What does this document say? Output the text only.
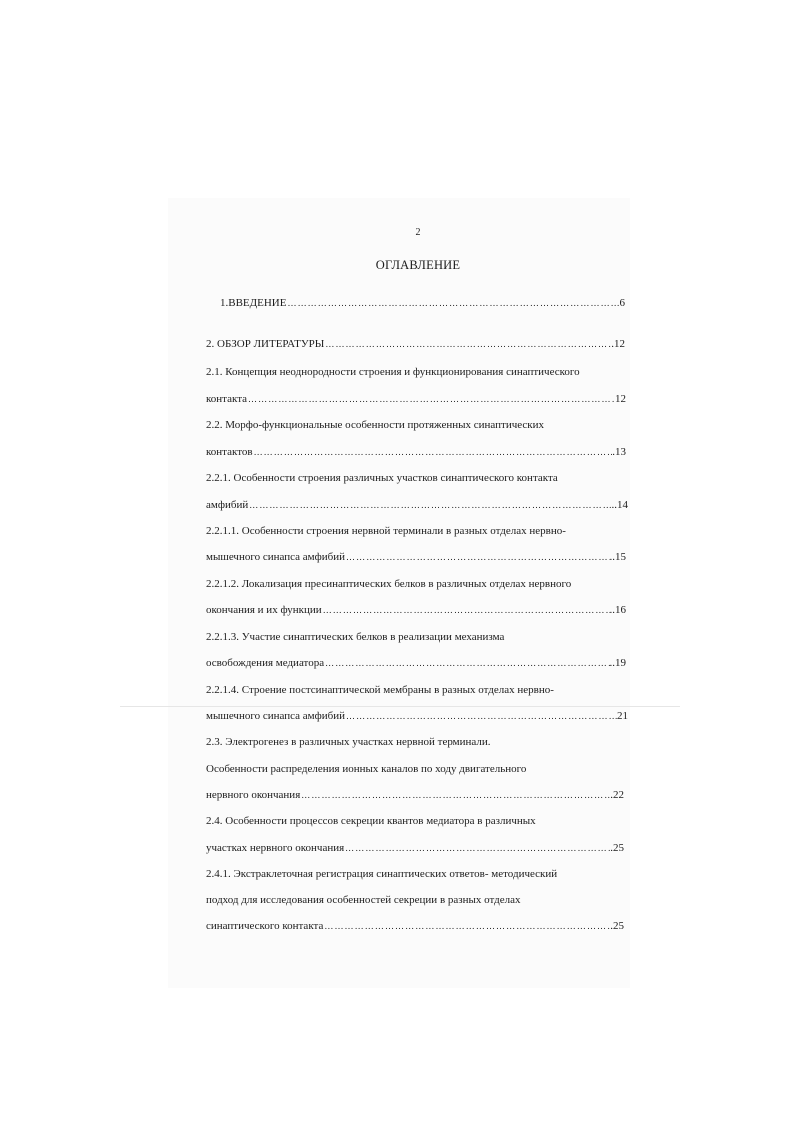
2
ОГЛАВЛЕНИЕ
1.ВВЕДЕНИЕ …………………………………………………………………………………………………………………………………………………………………………	6
2. ОБЗОР ЛИТЕРАТУРЫ …………………………………………………………………………………………………………………………………………………………………………	.12
2.1. Концепция неоднородности строения и функционирования синаптического
контакта …………………………………………………………………………………………………………………………………………………………………………	12
2.2. Морфо-функциональные особенности протяженных синаптических
контактов …………………………………………………………………………………………………………………………………………………………………………	.13
2.2.1. Особенности строения различных участков синаптического контакта
амфибий …………………………………………………………………………………………………………………………………………………………………………	..14
2.2.1.1. Особенности строения нервной терминали в разных отделах нервно-
мышечного синапса амфибий …………………………………………………………………………………………………………………………………………………………………………	..15
2.2.1.2. Локализация пресинаптических белков в различных отделах нервного
окончания и их функции …………………………………………………………………………………………………………………………………………………………………………	..16
2.2.1.3. Участие синаптических белков в реализации механизма
освобождения медиатора …………………………………………………………………………………………………………………………………………………………………………	..19
2.2.1.4. Строение постсинаптической мембраны в разных отделах нервно-
мышечного синапса амфибий …………………………………………………………………………………………………………………………………………………………………………	21
2.3. Электрогенез в различных участках нервной терминали.
Особенности распределения ионных каналов по ходу двигательного
нервного окончания …………………………………………………………………………………………………………………………………………………………………………	.22
2.4. Особенности процессов секреции квантов медиатора в различных
участках нервного окончания …………………………………………………………………………………………………………………………………………………………………………	.25
2.4.1. Экстраклеточная регистрация синаптических ответов- методический
подход для исследования особенностей секреции в разных отделах
синаптического контакта …………………………………………………………………………………………………………………………………………………………………………	.25
